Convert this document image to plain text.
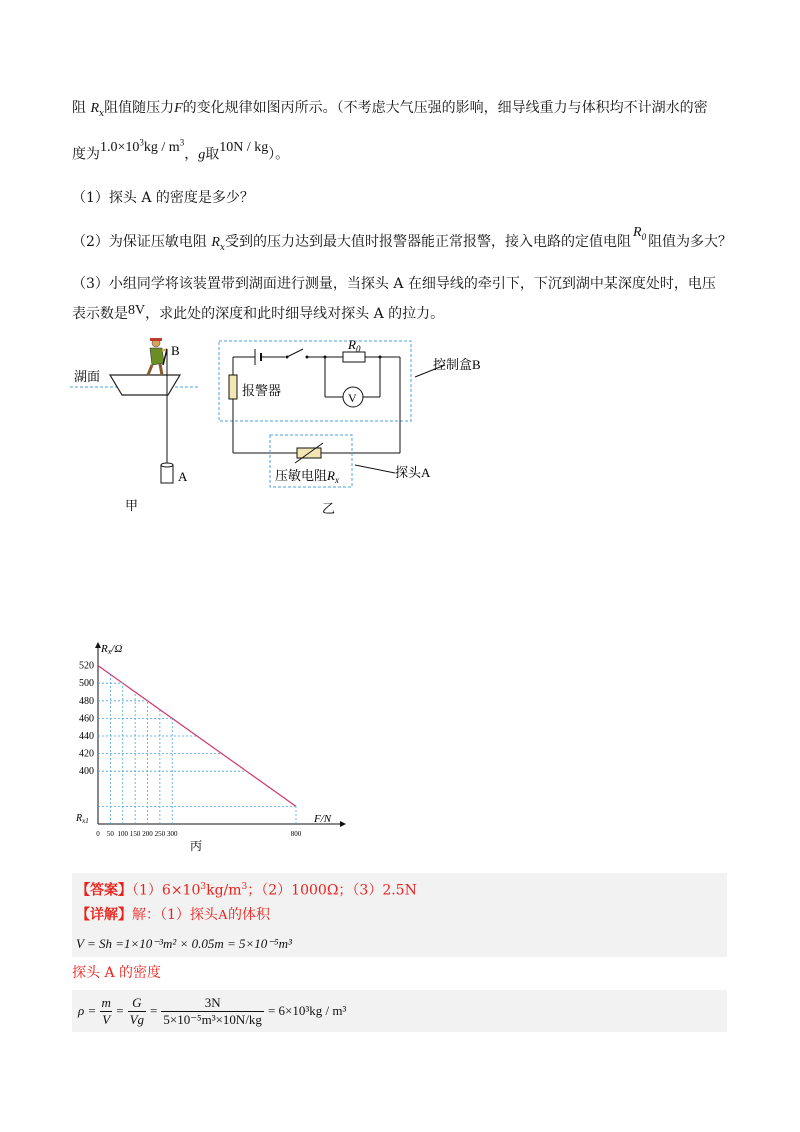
阻 $R_x$阻值随压力F的变化规律如图丙所示。（不考虑大气压强的影响，细导线重力与体积均不计湖水的密
度为$1.0\times 10^3kg / m^3$，g取10N / kg）。
（1）探头 A 的密度是多少？
（2）为保证压敏电阻 $R_x$受到的压力达到最大值时报警器能正常报警，接入电路的定值电阻$R_0$ 阻值为多大？
（3）小组同学将该装置带到湖面进行测量，当探头 A 在细导线的牵引下，下沉到湖中某深度处时，电压
表示数是8V，求此处的深度和此时细导线对探头 A 的拉力。
B
湖面
A
甲
$R_0$
V
报警器
压敏电阻$R_x$
控制盒B
探头A
乙
Rx/Ω
F/N
520
500
480
460
440
420
400
0 50 100 150 200 250 300	800
$R_{x1}$
丙
【答案】$(1)6\times 10^3kg/m^3$；（2）1000Ω；（3）2.5N
【详解】解：（1）探头A的体积
V = Sh =1×10⁻³m² × 0.05m = 5×10⁻⁵m³
探头 A 的密度
$\rho = \frac{m}{V} = \frac{G}{Vg} = \frac{3N}{\text{5×10⁻⁵m³×10N/kg}} = 6\times 10^3kg / m^3$
